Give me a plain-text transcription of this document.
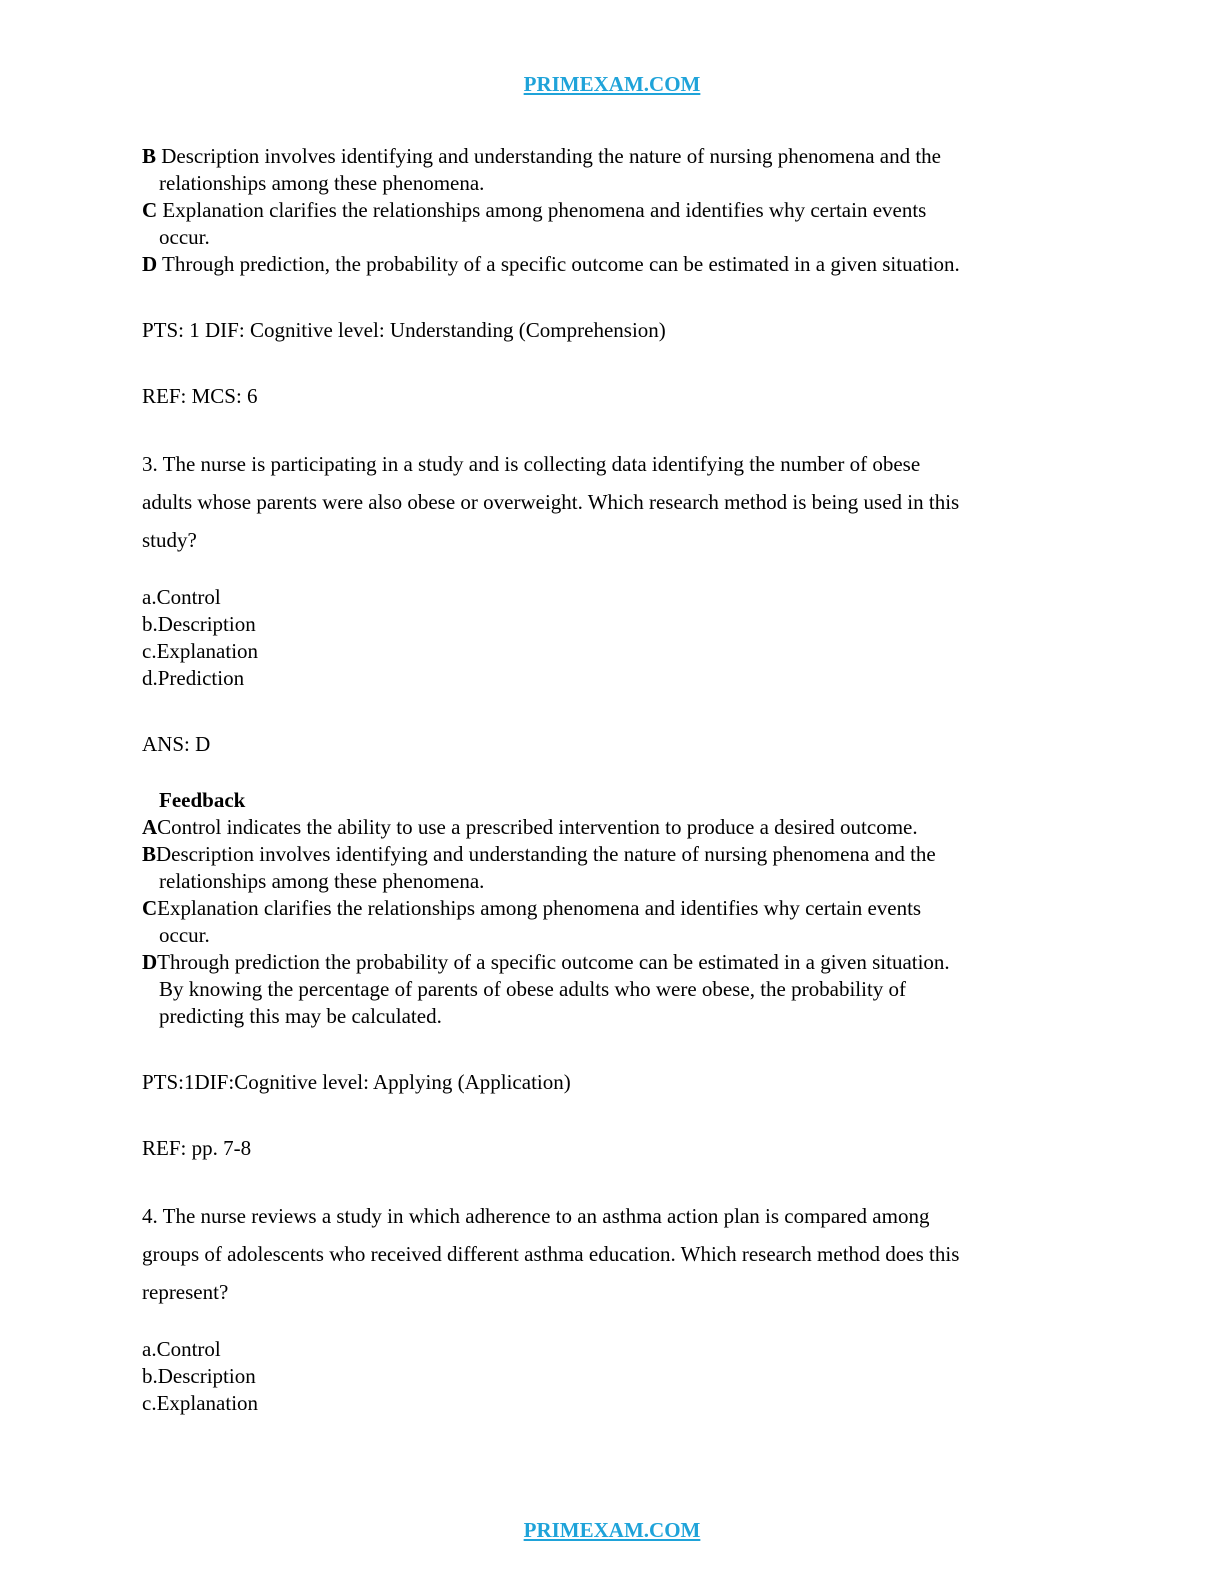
PRIMEXAM.COM
B Description involves identifying and understanding the nature of nursing phenomena and the
relationships among these phenomena.
C Explanation clarifies the relationships among phenomena and identifies why certain events
occur.
D Through prediction, the probability of a specific outcome can be estimated in a given situation.
PTS: 1 DIF: Cognitive level: Understanding (Comprehension)
REF: MCS: 6
3. The nurse is participating in a study and is collecting data identifying the number of obese
adults whose parents were also obese or overweight. Which research method is being used in this
study?
a.Control
b.Description
c.Explanation
d.Prediction
ANS: D
Feedback
AControl indicates the ability to use a prescribed intervention to produce a desired outcome.
BDescription involves identifying and understanding the nature of nursing phenomena and the
relationships among these phenomena.
CExplanation clarifies the relationships among phenomena and identifies why certain events
occur.
DThrough prediction the probability of a specific outcome can be estimated in a given situation.
By knowing the percentage of parents of obese adults who were obese, the probability of
predicting this may be calculated.
PTS:1DIF:Cognitive level: Applying (Application)
REF: pp. 7-8
4. The nurse reviews a study in which adherence to an asthma action plan is compared among
groups of adolescents who received different asthma education. Which research method does this
represent?
a.Control
b.Description
c.Explanation
PRIMEXAM.COM
